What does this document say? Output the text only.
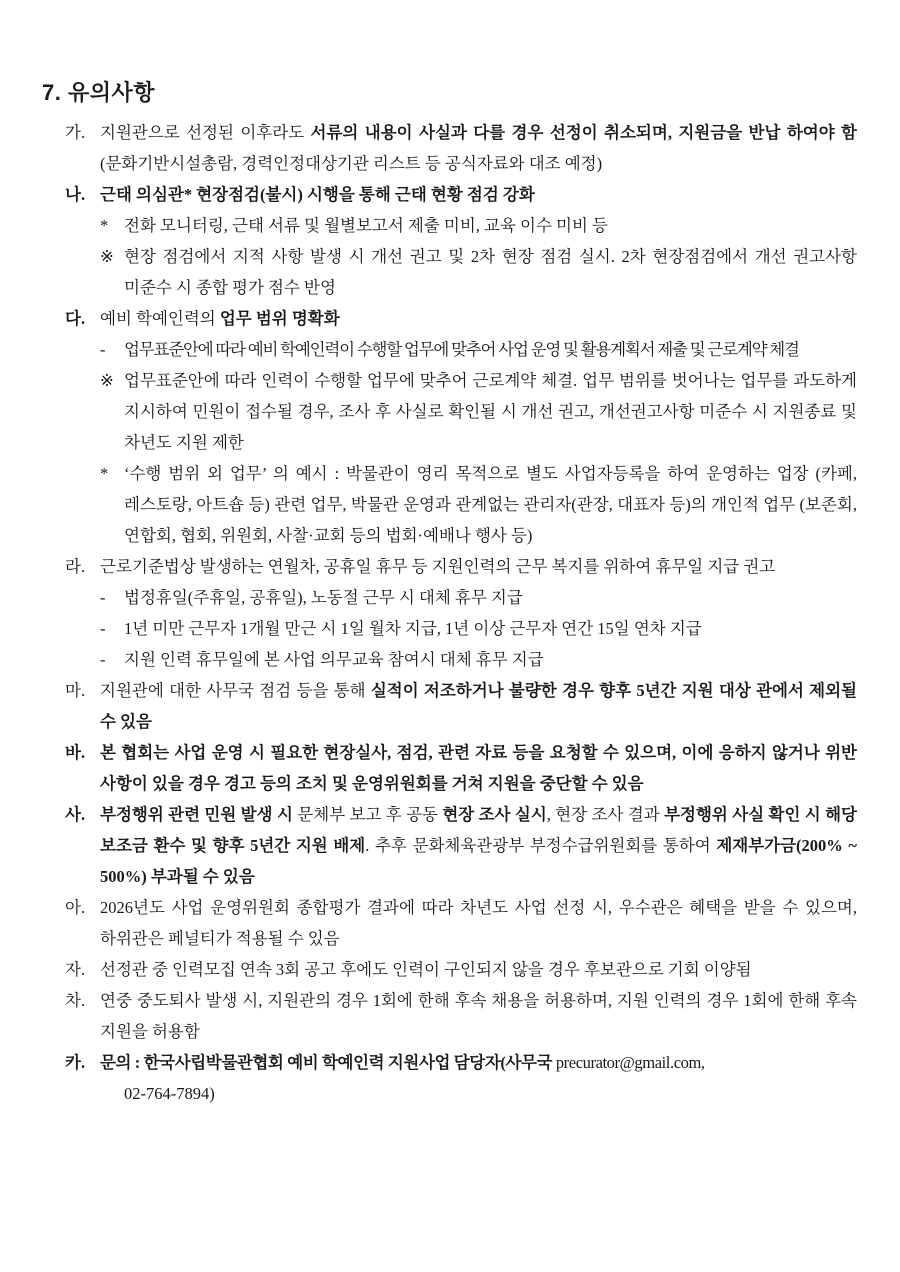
7. 유의사항
가. 지원관으로 선정된 이후라도 서류의 내용이 사실과 다를 경우 선정이 취소되며, 지원금을 반납 하여야 함(문화기반시설총람, 경력인정대상기관 리스트 등 공식자료와 대조 예정)
나. 근태 의심관* 현장점검(불시) 시행을 통해 근태 현황 점검 강화
* 전화 모니터링, 근태 서류 및 월별보고서 제출 미비, 교육 이수 미비 등
※ 현장 점검에서 지적 사항 발생 시 개선 권고 및 2차 현장 점검 실시. 2차 현장점검에서 개선 권고사항 미준수 시 종합 평가 점수 반영
다. 예비 학예인력의 업무 범위 명확화
-	업무표준안에 따라 예비 학예인력이 수행할 업무에 맞추어 사업 운영 및 활용계획서 제출 및 근로계약 체결
※ 업무표준안에 따라 인력이 수행할 업무에 맞추어 근로계약 체결. 업무 범위를 벗어나는 업무를 과도하게 지시하여 민원이 접수될 경우, 조사 후 사실로 확인될 시 개선 권고, 개선권고사항 미준수 시 지원종료 및 차년도 지원 제한
* ‘수행 범위 외 업무’ 의 예시 : 박물관이 영리 목적으로 별도 사업자등록을 하여 운영하는 업장 (카페, 레스토랑, 아트숍 등) 관련 업무, 박물관 운영과 관계없는 관리자(관장, 대표자 등)의 개인적 업무 (보존회, 연합회, 협회, 위원회, 사찰·교회 등의 법회·예배나 행사 등)
라. 근로기준법상 발생하는 연월차, 공휴일 휴무 등 지원인력의 근무 복지를 위하여 휴무일 지급 권고
-	법정휴일(주휴일, 공휴일), 노동절 근무 시 대체 휴무 지급
-	1년 미만 근무자 1개월 만근 시 1일 월차 지급, 1년 이상 근무자 연간 15일 연차 지급
-	지원 인력 휴무일에 본 사업 의무교육 참여시 대체 휴무 지급
마. 지원관에 대한 사무국 점검 등을 통해 실적이 저조하거나 불량한 경우 향후 5년간 지원 대상 관에서 제외될 수 있음
바. 본 협회는 사업 운영 시 필요한 현장실사, 점검, 관련 자료 등을 요청할 수 있으며, 이에 응하지 않거나 위반 사항이 있을 경우 경고 등의 조치 및 운영위원회를 거쳐 지원을 중단할 수 있음
사. 부정행위 관련 민원 발생 시 문체부 보고 후 공동 현장 조사 실시, 현장 조사 결과 부정행위 사실 확인 시 해당 보조금 환수 및 향후 5년간 지원 배제. 추후 문화체육관광부 부정수급위원회를 통하여 제재부가금(200% ~ 500%) 부과될 수 있음
아. 2026년도 사업 운영위원회 종합평가 결과에 따라 차년도 사업 선정 시, 우수관은 혜택을 받을 수 있으며, 하위관은 페널티가 적용될 수 있음
자. 선정관 중 인력모집 연속 3회 공고 후에도 인력이 구인되지 않을 경우 후보관으로 기회 이양됨
차. 연중 중도퇴사 발생 시, 지원관의 경우 1회에 한해 후속 채용을 허용하며, 지원 인력의 경우 1회에 한해 후속 지원을 허용함
카. 문의 : 한국사립박물관협회 예비 학예인력 지원사업 담당자(사무국 precurator@gmail.com,
02-764-7894)
